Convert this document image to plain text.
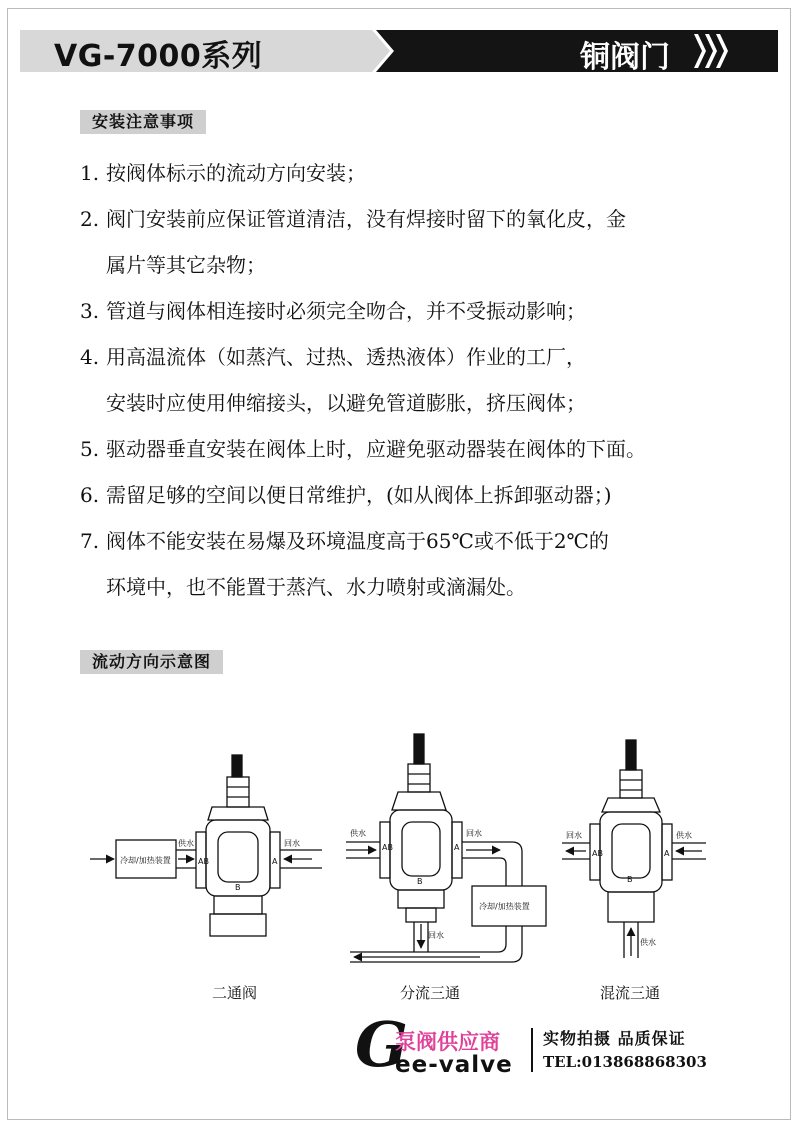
VG-7000系列	铜阀门
安装注意事项
1. 按阀体标示的流动方向安装；
2. 阀门安装前应保证管道清洁，没有焊接时留下的氧化皮，金
属片等其它杂物；
3. 管道与阀体相连接时必须完全吻合，并不受振动影响；
4. 用高温流体（如蒸汽、过热、透热液体）作业的工厂，
安装时应使用伸缩接头，以避免管道膨胀，挤压阀体；
5. 驱动器垂直安装在阀体上时，应避免驱动器装在阀体的下面。
6. 需留足够的空间以便日常维护，(如从阀体上拆卸驱动器；)
7. 阀体不能安装在易爆及环境温度高于65℃或不低于2℃的
环境中，也不能置于蒸汽、水力喷射或滴漏处。
流动方向示意图
供水	回水
冷却/加热装置	AB	A
B
供水	回水
AB	A
B
冷却/加热装置
回水
回水	供水
AB	A
B
供水
二通阀	分流三通	混流三通
G
泵阀供应商
ee-valve
实物拍摄 品质保证
TEL:013868868303
